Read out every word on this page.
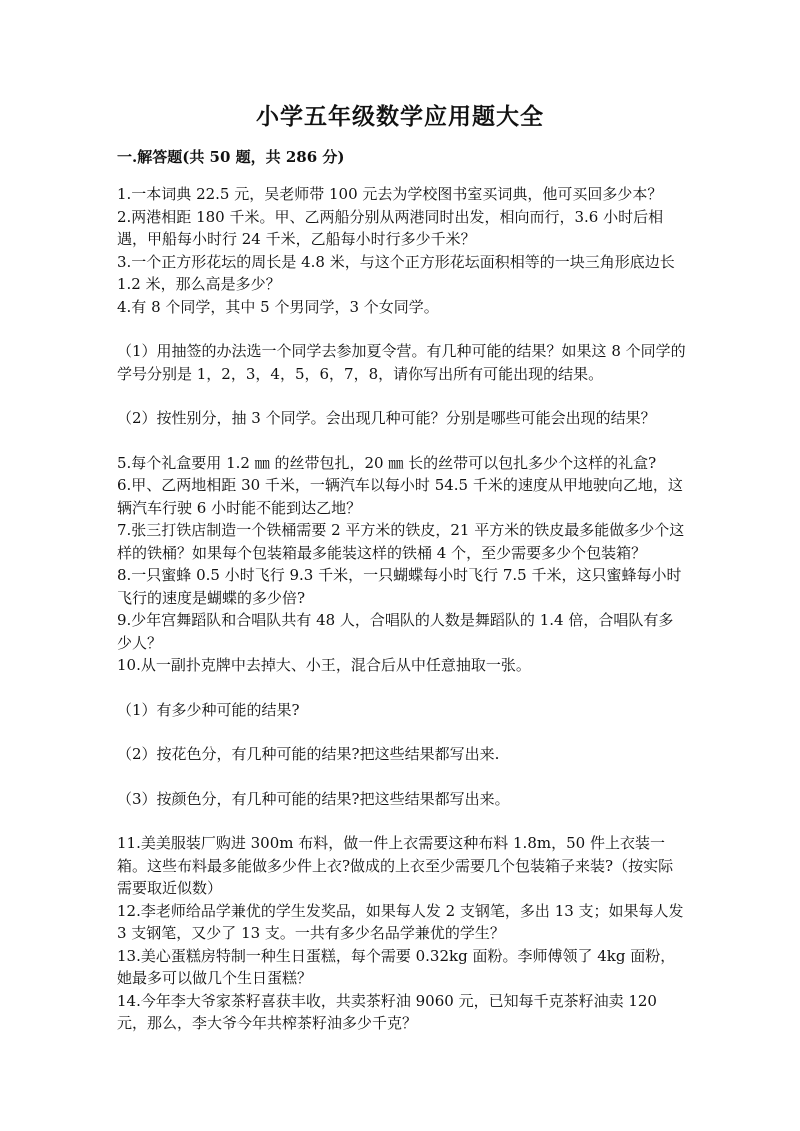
小学五年级数学应用题大全
一.解答题(共 50 题，共 286 分)

1.一本词典 22.5 元，吴老师带 100 元去为学校图书室买词典，他可买回多少本？

2.两港相距 180 千米。甲、乙两船分别从两港同时出发，相向而行，3.6 小时后相遇，甲船每小时行 24 千米，乙船每小时行多少千米？

3.一个正方形花坛的周长是 4.8 米，与这个正方形花坛面积相等的一块三角形底边长 1.2 米，那么高是多少？

4.有 8 个同学，其中 5 个男同学，3 个女同学。

（1）用抽签的办法选一个同学去参加夏令营。有几种可能的结果？如果这 8 个同学的学号分别是 1，2，3，4，5，6，7，8，请你写出所有可能出现的结果。

（2）按性别分，抽 3 个同学。会出现几种可能？分别是哪些可能会出现的结果？

5.每个礼盒要用 1.2 ㎜ 的丝带包扎，20 ㎜ 长的丝带可以包扎多少个这样的礼盒?

6.甲、乙两地相距 30 千米，一辆汽车以每小时 54.5 千米的速度从甲地驶向乙地，这辆汽车行驶 6 小时能不能到达乙地？

7.张三打铁店制造一个铁桶需要 2 平方米的铁皮，21 平方米的铁皮最多能做多少个这样的铁桶？如果每个包装箱最多能装这样的铁桶 4 个，至少需要多少个包装箱？

8.一只蜜蜂 0.5 小时飞行 9.3 千米，一只蝴蝶每小时飞行 7.5 千米，这只蜜蜂每小时飞行的速度是蝴蝶的多少倍?

9.少年宫舞蹈队和合唱队共有 48 人，合唱队的人数是舞蹈队的 1.4 倍，合唱队有多少人？

10.从一副扑克牌中去掉大、小王，混合后从中任意抽取一张。

（1）有多少种可能的结果?

（2）按花色分，有几种可能的结果?把这些结果都写出来.

（3）按颜色分，有几种可能的结果?把这些结果都写出来。

11.美美服装厂购进 300m 布料，做一件上衣需要这种布料 1.8m，50 件上衣装一箱。这些布料最多能做多少件上衣?做成的上衣至少需要几个包装箱子来装?（按实际需要取近似数）

12.李老师给品学兼优的学生发奖品，如果每人发 2 支钢笔，多出 13 支；如果每人发 3 支钢笔，又少了 13 支。一共有多少名品学兼优的学生？

13.美心蛋糕房特制一种生日蛋糕，每个需要 0.32kg 面粉。李师傅领了 4kg 面粉，她最多可以做几个生日蛋糕？

14.今年李大爷家茶籽喜获丰收，共卖茶籽油 9060 元，已知每千克茶籽油卖 120 元，那么，李大爷今年共榨茶籽油多少千克？
